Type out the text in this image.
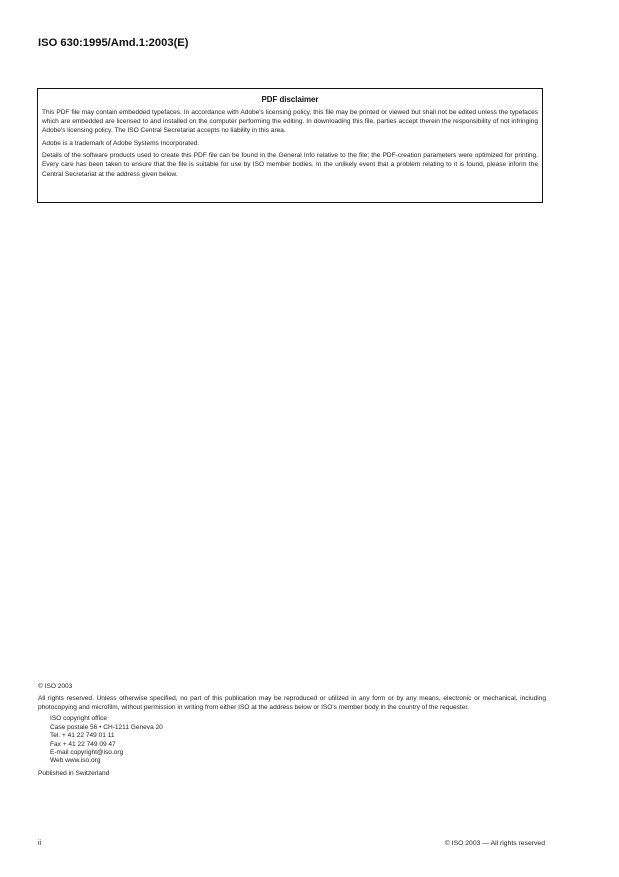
ISO 630:1995/Amd.1:2003(E)
PDF disclaimer

This PDF file may contain embedded typefaces. In accordance with Adobe's licensing policy, this file may be printed or viewed but shall not be edited unless the typefaces which are embedded are licensed to and installed on the computer performing the editing. In downloading this file, parties accept therein the responsibility of not infringing Adobe's licensing policy. The ISO Central Secretariat accepts no liability in this area.

Adobe is a trademark of Adobe Systems Incorporated.

Details of the software products used to create this PDF file can be found in the General Info relative to the file; the PDF-creation parameters were optimized for printing. Every care has been taken to ensure that the file is suitable for use by ISO member bodies. In the unlikely event that a problem relating to it is found, please inform the Central Secretariat at the address given below.

© ISO 2003

All rights reserved. Unless otherwise specified, no part of this publication may be reproduced or utilized in any form or by any means, electronic or mechanical, including photocopying and microfilm, without permission in writing from either ISO at the address below or ISO's member body in the country of the requester.

ISO copyright office
Case postale 56 • CH-1211 Geneva 20
Tel. + 41 22 749 01 11
Fax + 41 22 749 09 47
E-mail copyright@iso.org
Web www.iso.org

Published in Switzerland

ii	© ISO 2003 — All rights reserved
